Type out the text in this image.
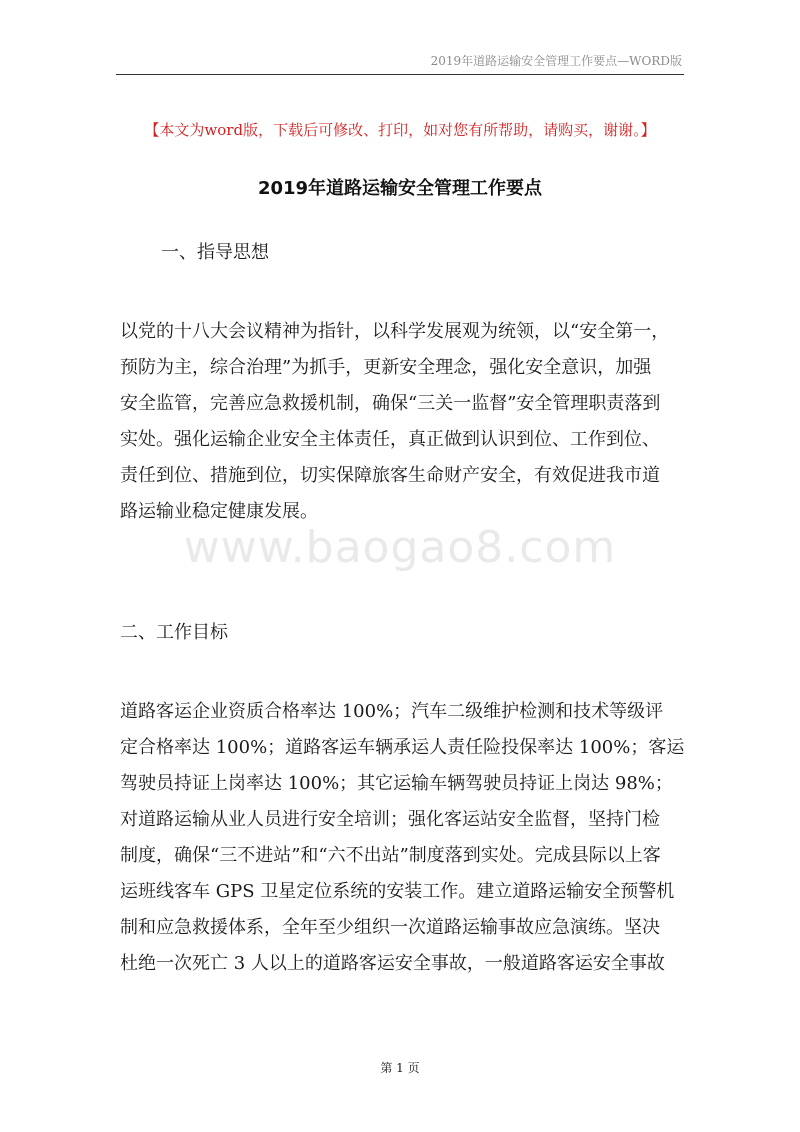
2019年道路运输安全管理工作要点—WORD版
【本文为word版，下载后可修改、打印，如对您有所帮助，请购买，谢谢。】
2019年道路运输安全管理工作要点
一、指导思想
以党的十八大会议精神为指针，以科学发展观为统领，以“安全第一，
预防为主，综合治理”为抓手，更新安全理念，强化安全意识，加强
安全监管，完善应急救援机制，确保“三关一监督”安全管理职责落到
实处。强化运输企业安全主体责任，真正做到认识到位、工作到位、
责任到位、措施到位，切实保障旅客生命财产安全，有效促进我市道
路运输业稳定健康发展。
www.baogao8.com
二、工作目标
道路客运企业资质合格率达 100%；汽车二级维护检测和技术等级评
定合格率达 100%；道路客运车辆承运人责任险投保率达 100%；客运
驾驶员持证上岗率达 100%；其它运输车辆驾驶员持证上岗达 98%；
对道路运输从业人员进行安全培训；强化客运站安全监督，坚持门检
制度，确保“三不进站”和“六不出站”制度落到实处。完成县际以上客
运班线客车 GPS 卫星定位系统的安装工作。建立道路运输安全预警机
制和应急救援体系，全年至少组织一次道路运输事故应急演练。坚决
杜绝一次死亡 3 人以上的道路客运安全事故，一般道路客运安全事故
第 1 页
